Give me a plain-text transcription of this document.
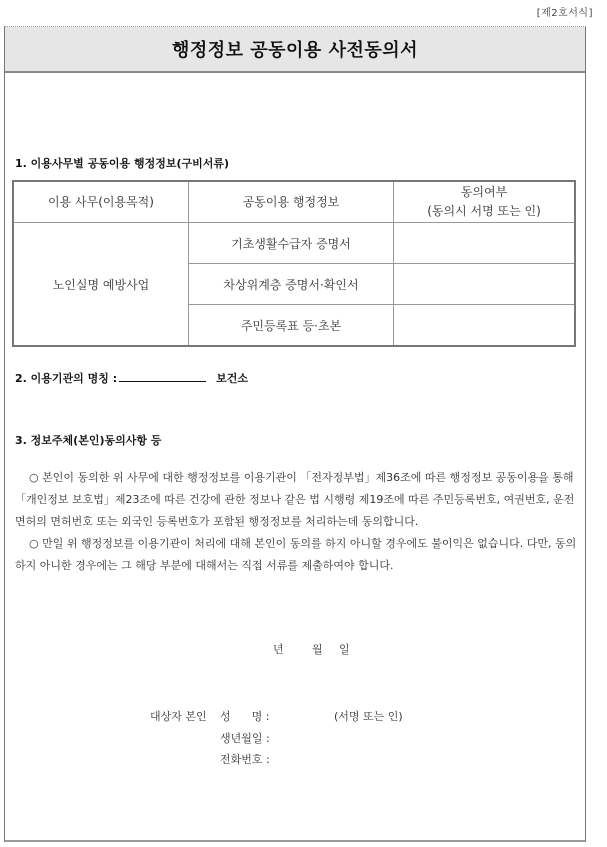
[제2호서식]
행정정보 공동이용 사전동의서
1. 이용사무별 공동이용 행정정보(구비서류)
이용 사무(이용목적)	공동이용 행정정보	동의여부
(동의시 서명 또는 인)

노인실명 예방사업	기초생활수급자 증명서	
	차상위계층 증명서·확인서	
	주민등록표 등·초본	
2. 이용기관의 명칭 :	보건소
3. 정보주체(본인)동의사항 등

○ 본인이 동의한 위 사무에 대한 행정정보를 이용기관이 「전자정부법」제36조에 따른 행정정보 공동이용을 통해 「개인정보 보호법」제23조에 따른 건강에 관한 정보나 같은 법 시행령 제19조에 따른 주민등록번호, 여권번호, 운전면허의 면허번호 또는 외국인 등록번호가 포함된 행정정보를 처리하는데 동의합니다.

○ 만일 위 행정정보를 이용기관이 처리에 대해 본인이 동의를 하지 아니할 경우에도 불이익은 없습니다. 다만, 동의하지 아니한 경우에는 그 해당 부분에 대해서는 직접 서류를 제출하여야 합니다.

년	월 일
대상자 본인 성      명 :	(서명 또는 인)
생년월일 :
전화번호 :
